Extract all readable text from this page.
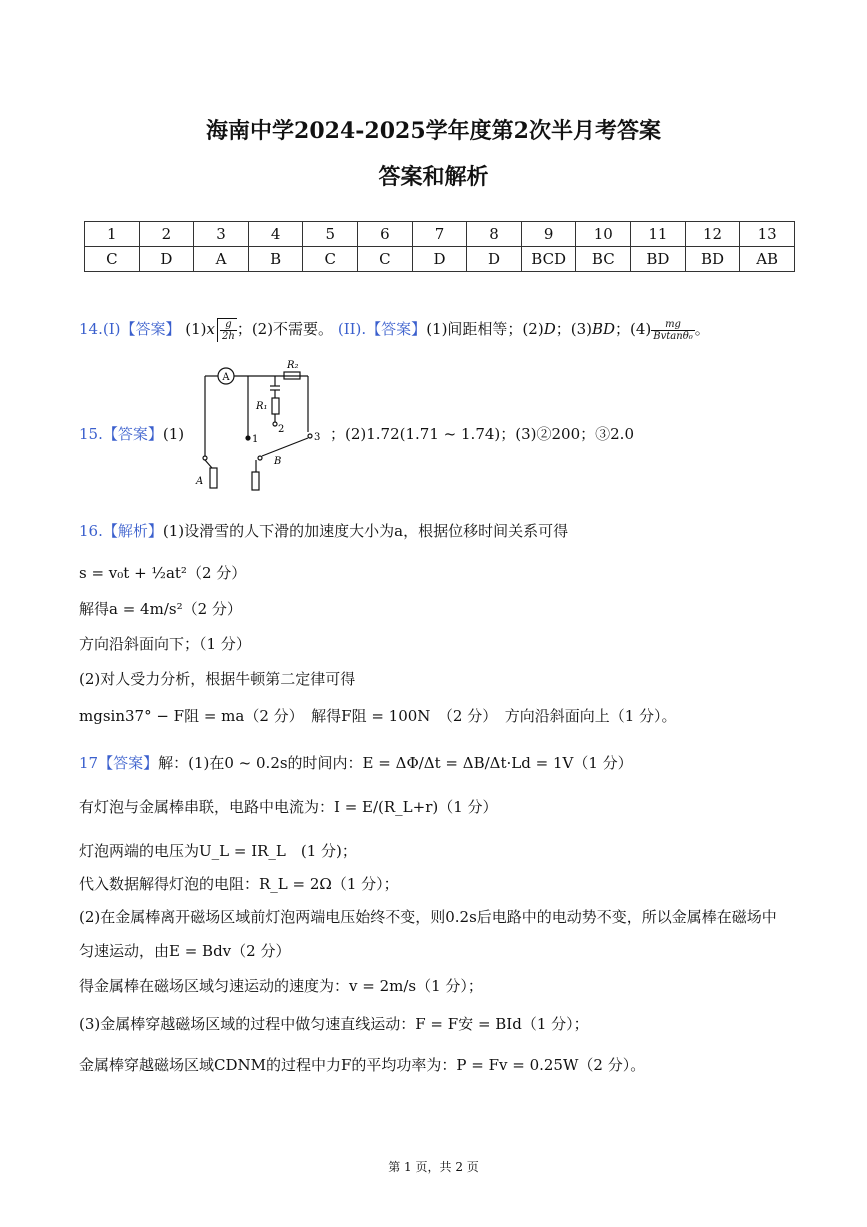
海南中学2024-2025学年度第2次半月考答案
答案和解析
1	2	3	4	5	6	7	8	9	10	11	12	13
C	D	A	B	C	C	D	D	BCD	BC	BD	BD	AB
14.(I)【答案】 $(1)x \frac{g}{2h}$ ；(2)不需要。 (II).【答案】(1)间距相等；(2)D；(3)BD；$(4) \frac{mg}{\text{Bvtanθ₀}}$ 。
15.【答案】(1)	；(2)1.72(1.71 ~ 1.74)；(3)②200；③2.0
A
R₂
R₁
1
2
3
B
A
16.【解析】(1)设滑雪的人下滑的加速度大小为a，根据位移时间关系可得
s = v₀t + ½at²（2 分）
解得a = 4m/s²（2 分）
方向沿斜面向下；（1 分）
(2)对人受力分析，根据牛顿第二定律可得
mgsin37° − F阻 = ma（2 分）　解得F阻 = 100N　（2 分）　方向沿斜面向上（1 分）。
17【答案】解：(1)在0 ~ 0.2s的时间内：E = ΔΦ/Δt = ΔB/Δt·Ld = 1V（1 分）
有灯泡与金属棒串联，电路中电流为：I = E/(R_L+r)（1 分）
灯泡两端的电压为U_L = IR_L　(1 分)；
代入数据解得灯泡的电阻：R_L = 2Ω（1 分）；
(2)在金属棒离开磁场区域前灯泡两端电压始终不变，则0.2s后电路中的电动势不变，所以金属棒在磁场中
匀速运动，由E = Bdv（2 分）
得金属棒在磁场区域匀速运动的速度为：v = 2m/s（1 分）；
(3)金属棒穿越磁场区域的过程中做匀速直线运动：F = F安 = BId（1 分）；
金属棒穿越磁场区域CDNM的过程中力F的平均功率为：P = Fv = 0.25W（2 分）。
第 1 页，共 2 页
